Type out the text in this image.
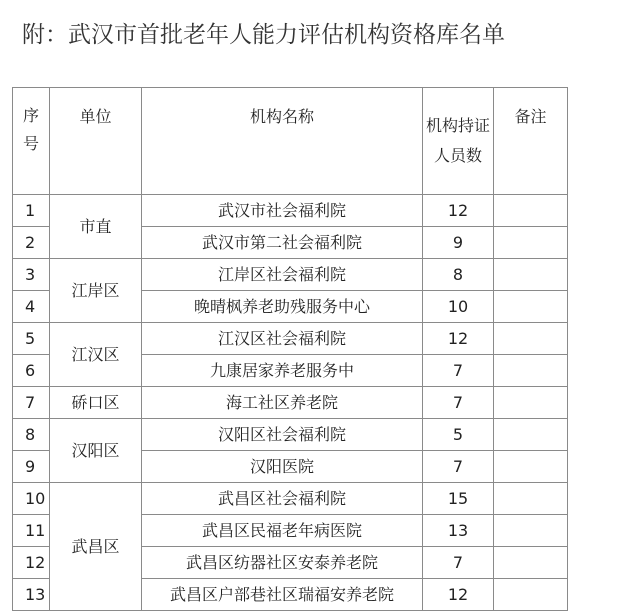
附：武汉市首批老年人能力评估机构资格库名单
序号	单位	机构名称	机构持证人员数	备注
1	市直	武汉市社会福利院	12	
2		武汉市第二社会福利院	9	
3	江岸区	江岸区社会福利院	8	
4		晚晴枫养老助残服务中心	10	
5	江汉区	江汉区社会福利院	12	
6		九康居家养老服务中	7	
7	硚口区	海工社区养老院	7	
8	汉阳区	汉阳区社会福利院	5	
9		汉阳医院	7	
10	武昌区	武昌区社会福利院	15	
11		武昌区民福老年病医院	13	
12		武昌区纺器社区安泰养老院	7	
13		武昌区户部巷社区瑞福安养老院	12	
